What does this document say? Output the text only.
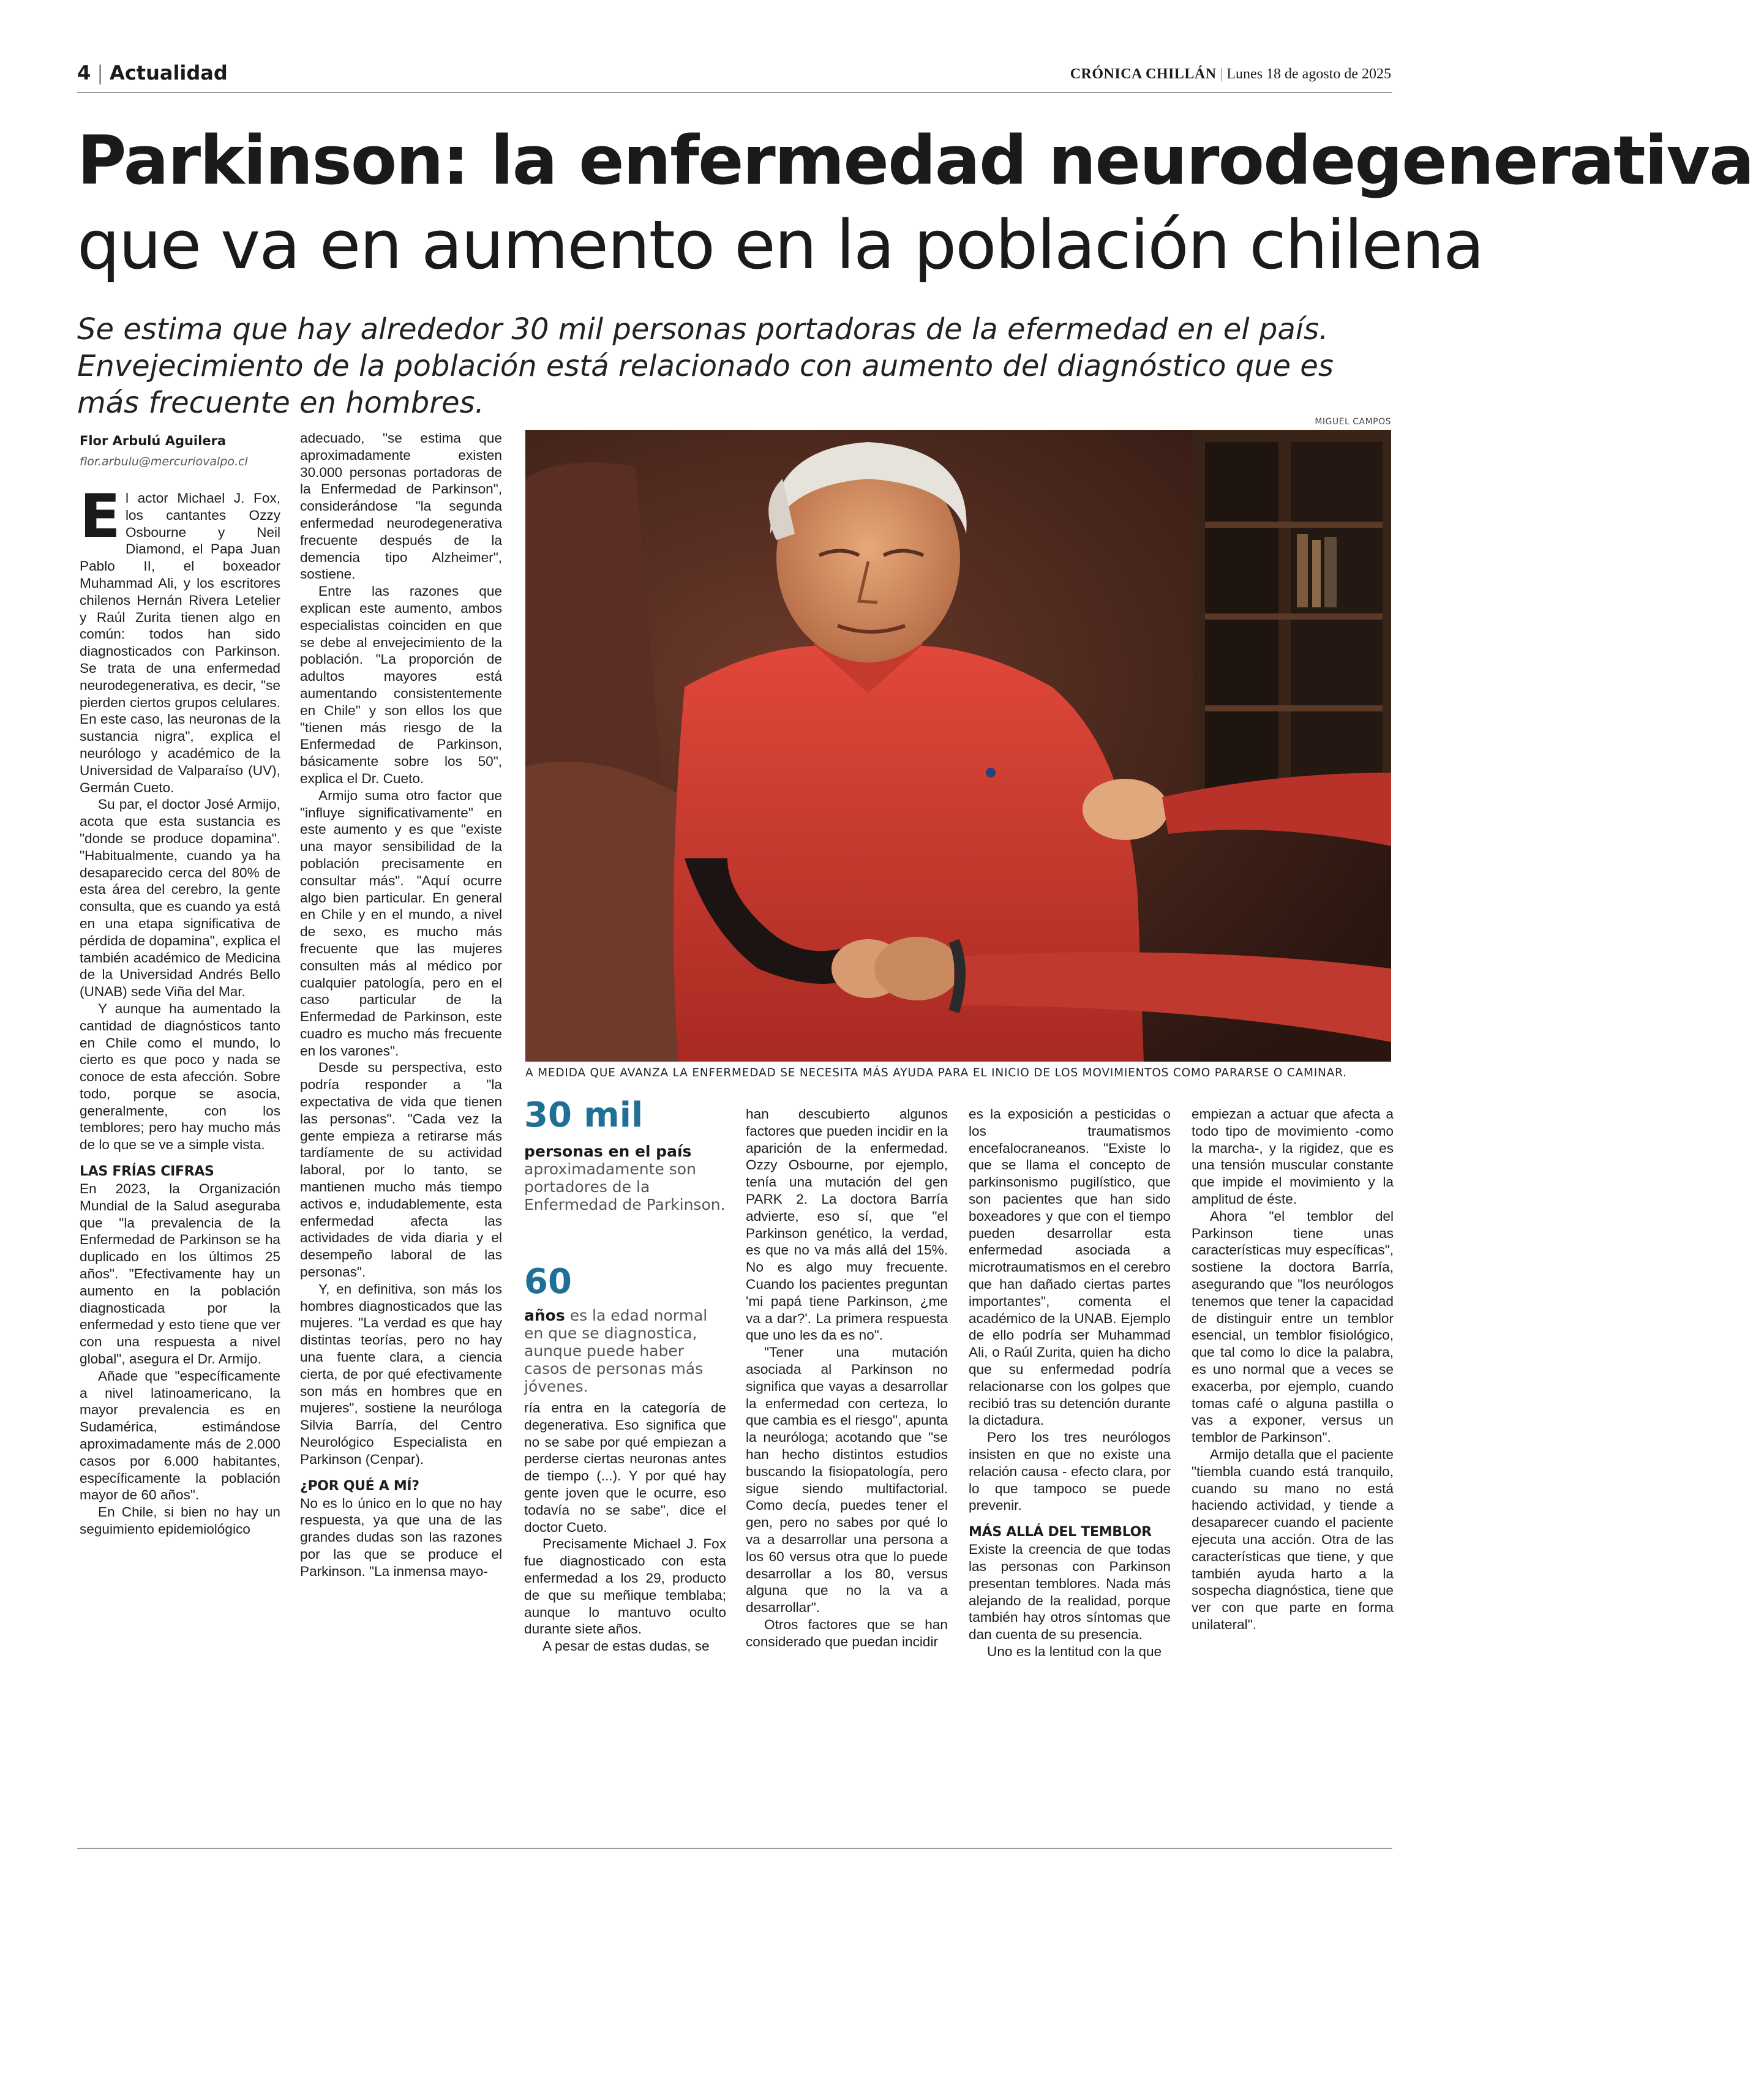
4 | Actualidad	CRÓNICA CHILLÁN | Lunes 18 de agosto de 2025
Parkinson: la enfermedad neurodegenerativa
que va en aumento en la población chilena
Se estima que hay alrededor 30 mil personas portadoras de la efermedad en el país. Envejecimiento de la población está relacionado con aumento del diagnóstico que es más frecuente en hombres.
Flor Arbulú Aguilera
flor.arbulu@mercuriovalpo.cl
E l actor Michael J. Fox, los cantantes Ozzy Osbourne y Neil Diamond, el Papa Juan Pablo II, el boxeador Muhammad Ali, y los escritores chilenos Hernán Rivera Letelier y Raúl Zurita tienen algo en común: todos han sido diagnosticados con Parkinson. Se trata de una enfermedad neurodegenerativa, es decir, "se pierden ciertos grupos celulares. En este caso, las neuronas de la sustancia nigra", explica el neurólogo y académico de la Universidad de Valparaíso (UV), Germán Cueto.

Su par, el doctor José Armijo, acota que esta sustancia es "donde se produce dopamina". "Habitualmente, cuando ya ha desaparecido cerca del 80% de esta área del cerebro, la gente consulta, que es cuando ya está en una etapa significativa de pérdida de dopamina", explica el también académico de Medicina de la Universidad Andrés Bello (UNAB) sede Viña del Mar.

Y aunque ha aumentado la cantidad de diagnósticos tanto en Chile como el mundo, lo cierto es que poco y nada se conoce de esta afección. Sobre todo, porque se asocia, generalmente, con los temblores; pero hay mucho más de lo que se ve a simple vista.

LAS FRÍAS CIFRAS

En 2023, la Organización Mundial de la Salud aseguraba que "la prevalencia de la Enfermedad de Parkinson se ha duplicado en los últimos 25 años". "Efectivamente hay un aumento en la población diagnosticada por la enfermedad y esto tiene que ver con una respuesta a nivel global", asegura el Dr. Armijo.

Añade que "específicamente a nivel latinoamericano, la mayor prevalencia es en Sudamérica, estimándose aproximadamente más de 2.000 casos por 6.000 habitantes, específicamente la población mayor de 60 años".

En Chile, si bien no hay un seguimiento epidemiológico

adecuado, "se estima que aproximadamente existen 30.000 personas portadoras de la Enfermedad de Parkinson", considerándose "la segunda enfermedad neurodegenerativa frecuente después de la demencia tipo Alzheimer", sostiene.

Entre las razones que explican este aumento, ambos especialistas coinciden en que se debe al envejecimiento de la población. "La proporción de adultos mayores está aumentando consistentemente en Chile" y son ellos los que "tienen más riesgo de la Enfermedad de Parkinson, básicamente sobre los 50", explica el Dr. Cueto.

Armijo suma otro factor que "influye significativamente" en este aumento y es que "existe una mayor sensibilidad de la población precisamente en consultar más". "Aquí ocurre algo bien particular. En general en Chile y en el mundo, a nivel de sexo, es mucho más frecuente que las mujeres consulten más al médico por cualquier patología, pero en el caso particular de la Enfermedad de Parkinson, este cuadro es mucho más frecuente en los varones".

Desde su perspectiva, esto podría responder a "la expectativa de vida que tienen las personas". "Cada vez la gente empieza a retirarse más tardíamente de su actividad laboral, por lo tanto, se mantienen mucho más tiempo activos e, indudablemente, esta enfermedad afecta las actividades de vida diaria y el desempeño laboral de las personas".

Y, en definitiva, son más los hombres diagnosticados que las mujeres. "La verdad es que hay distintas teorías, pero no hay una fuente clara, a ciencia cierta, de por qué efectivamente son más en hombres que en mujeres", sostiene la neuróloga Silvia Barría, del Centro Neurológico Especialista en Parkinson (Cenpar).

¿POR QUÉ A MÍ?

No es lo único en lo que no hay respuesta, ya que una de las grandes dudas son las razones por las que se produce el Parkinson. "La inmensa mayo-

MIGUEL CAMPOS
A MEDIDA QUE AVANZA LA ENFERMEDAD SE NECESITA MÁS AYUDA PARA EL INICIO DE LOS MOVIMIENTOS COMO PARARSE O CAMINAR.
30 mil
personas en el país
aproximadamente son portadores de la Enfermedad de Parkinson.
60
años es la edad normal en que se diagnostica, aunque puede haber casos de personas más jóvenes.

ría entra en la categoría de degenerativa. Eso significa que no se sabe por qué empiezan a perderse ciertas neuronas antes de tiempo (...). Y por qué hay gente joven que le ocurre, eso todavía no se sabe", dice el doctor Cueto.

Precisamente Michael J. Fox fue diagnosticado con esta enfermedad a los 29, producto de que su meñique temblaba; aunque lo mantuvo oculto durante siete años.

A pesar de estas dudas, se

han descubierto algunos factores que pueden incidir en la aparición de la enfermedad. Ozzy Osbourne, por ejemplo, tenía una mutación del gen PARK 2. La doctora Barría advierte, eso sí, que "el Parkinson genético, la verdad, es que no va más allá del 15%. No es algo muy frecuente. Cuando los pacientes preguntan 'mi papá tiene Parkinson, ¿me va a dar?'. La primera respuesta que uno les da es no".

"Tener una mutación asociada al Parkinson no significa que vayas a desarrollar la enfermedad con certeza, lo que cambia es el riesgo", apunta la neuróloga; acotando que "se han hecho distintos estudios buscando la fisiopatología, pero sigue siendo multifactorial. Como decía, puedes tener el gen, pero no sabes por qué lo va a desarrollar una persona a los 60 versus otra que lo puede desarrollar a los 80, versus alguna que no la va a desarrollar".

Otros factores que se han considerado que puedan incidir

es la exposición a pesticidas o los traumatismos encefalocraneanos. "Existe lo que se llama el concepto de parkinsonismo pugilístico, que son pacientes que han sido boxeadores y que con el tiempo pueden desarrollar esta enfermedad asociada a microtraumatismos en el cerebro que han dañado ciertas partes importantes", comenta el académico de la UNAB. Ejemplo de ello podría ser Muhammad Ali, o Raúl Zurita, quien ha dicho que su enfermedad podría relacionarse con los golpes que recibió tras su detención durante la dictadura.

Pero los tres neurólogos insisten en que no existe una relación causa - efecto clara, por lo que tampoco se puede prevenir.

MÁS ALLÁ DEL TEMBLOR

Existe la creencia de que todas las personas con Parkinson presentan temblores. Nada más alejando de la realidad, porque también hay otros síntomas que dan cuenta de su presencia.

Uno es la lentitud con la que

empiezan a actuar que afecta a todo tipo de movimiento -como la marcha-, y la rigidez, que es una tensión muscular constante que impide el movimiento y la amplitud de éste.

Ahora "el temblor del Parkinson tiene unas características muy específicas", sostiene la doctora Barría, asegurando que "los neurólogos tenemos que tener la capacidad de distinguir entre un temblor esencial, un temblor fisiológico, que tal como lo dice la palabra, es uno normal que a veces se exacerba, por ejemplo, cuando tomas café o alguna pastilla o vas a exponer, versus un temblor de Parkinson".

Armijo detalla que el paciente "tiembla cuando está tranquilo, cuando su mano no está haciendo actividad, y tiende a desaparecer cuando el paciente ejecuta una acción. Otra de las características que tiene, y que también ayuda harto a la sospecha diagnóstica, tiene que ver con que parte en forma unilateral".
